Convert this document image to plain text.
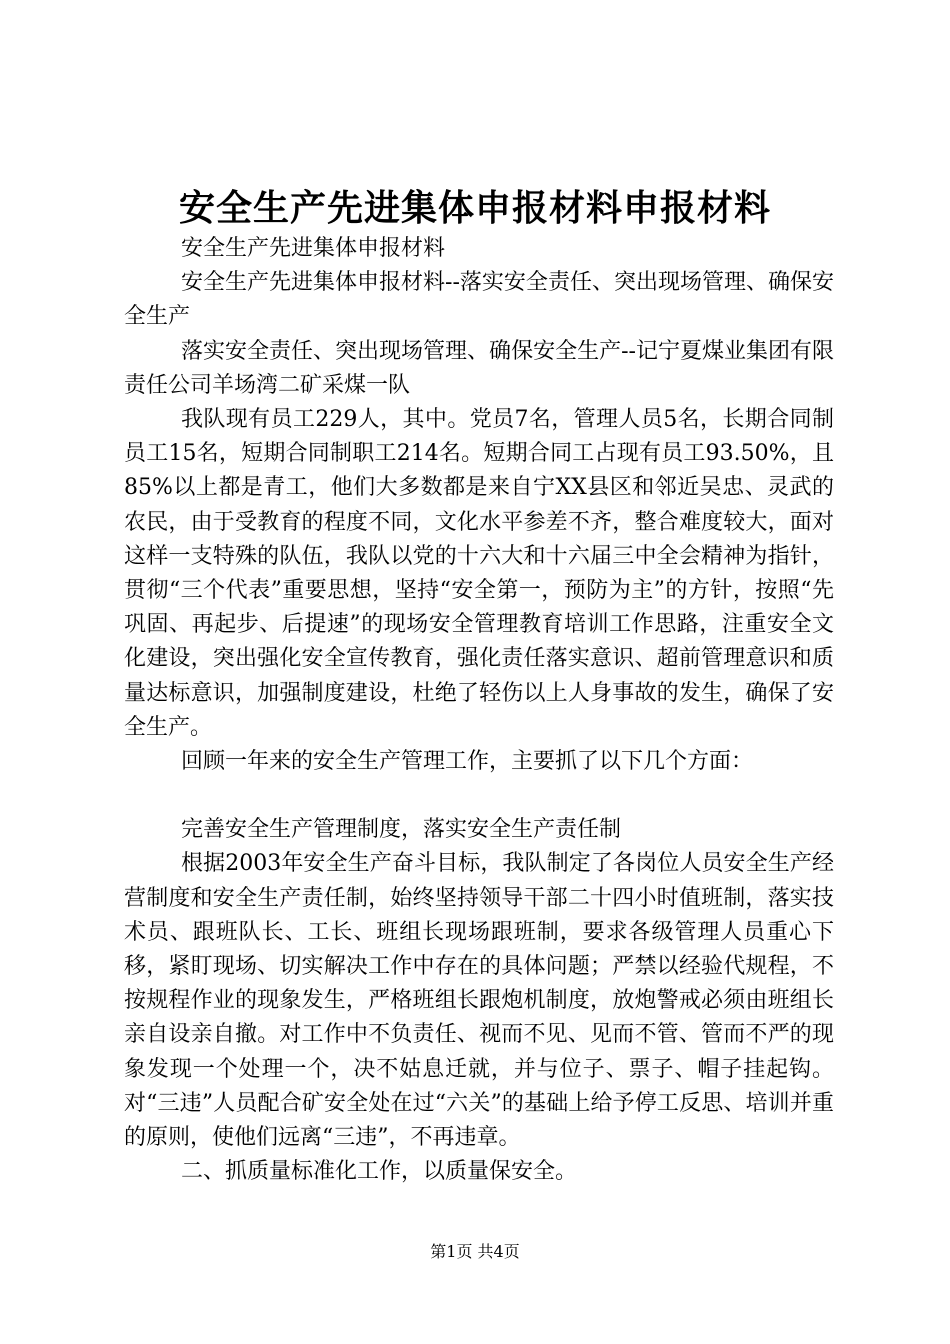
安全生产先进集体申报材料申报材料

安全生产先进集体申报材料

安全生产先进集体申报材料--落实安全责任、突出现场管理、确保安全生产

落实安全责任、突出现场管理、确保安全生产--记宁夏煤业集团有限责任公司羊场湾二矿采煤一队

我队现有员工229人，其中。党员7名，管理人员5名，长期合同制员工15名，短期合同制职工214名。短期合同工占现有员工93.50%，且85%以上都是青工，他们大多数都是来自宁XX县区和邻近吴忠、灵武的农民，由于受教育的程度不同，文化水平参差不齐，整合难度较大，面对这样一支特殊的队伍，我队以党的十六大和十六届三中全会精神为指针，贯彻“三个代表”重要思想，坚持“安全第一，预防为主”的方针，按照“先巩固、再起步、后提速”的现场安全管理教育培训工作思路，注重安全文化建设，突出强化安全宣传教育，强化责任落实意识、超前管理意识和质量达标意识，加强制度建设，杜绝了轻伤以上人身事故的发生，确保了安全生产。

回顾一年来的安全生产管理工作，主要抓了以下几个方面：

完善安全生产管理制度，落实安全生产责任制

根据2003年安全生产奋斗目标，我队制定了各岗位人员安全生产经营制度和安全生产责任制，始终坚持领导干部二十四小时值班制，落实技术员、跟班队长、工长、班组长现场跟班制，要求各级管理人员重心下移，紧盯现场、切实解决工作中存在的具体问题；严禁以经验代规程，不按规程作业的现象发生，严格班组长跟炮机制度，放炮警戒必须由班组长亲自设亲自撤。对工作中不负责任、视而不见、见而不管、管而不严的现象发现一个处理一个，决不姑息迁就，并与位子、票子、帽子挂起钩。对“三违”人员配合矿安全处在过“六关”的基础上给予停工反思、培训并重的原则，使他们远离“三违”，不再违章。

二、抓质量标准化工作，以质量保安全。

第1页 共4页
